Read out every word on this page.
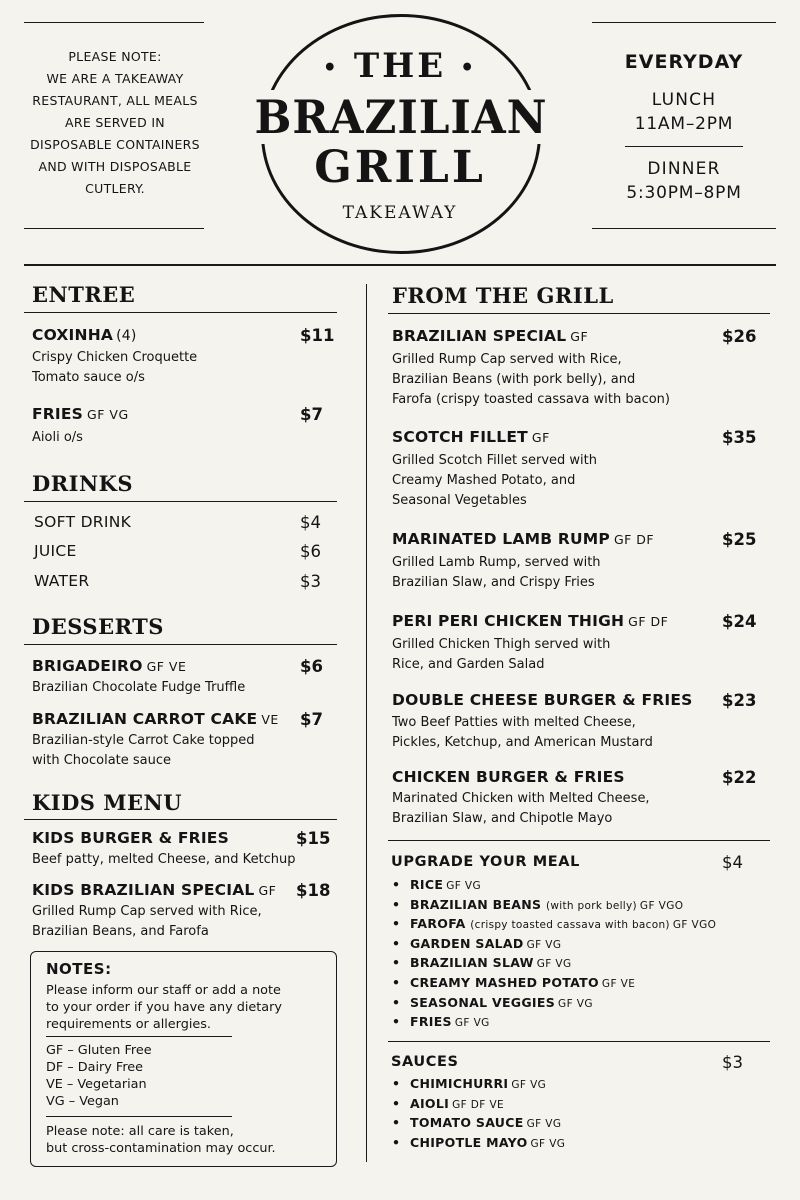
PLEASE NOTE:
WE ARE A TAKEAWAY
RESTAURANT, ALL MEALS
ARE SERVED IN
DISPOSABLE CONTAINERS
AND WITH DISPOSABLE
CUTLERY.
• THE •
BRAZILIAN
GRILL
TAKEAWAY
EVERYDAY
LUNCH
11AM–2PM
DINNER
5:30PM–8PM
ENTREE
COXINHA (4)	$11
Crispy Chicken Croquette
Tomato sauce o/s
FRIES GF VG	$7
Aioli o/s
DRINKS
SOFT DRINK	$4
JUICE	$6
WATER	$3
DESSERTS
BRIGADEIRO GF VE	$6
Brazilian Chocolate Fudge Truffle
BRAZILIAN CARROT CAKE VE $7
Brazilian-style Carrot Cake topped
with Chocolate sauce
KIDS MENU
KIDS BURGER & FRIES	$15
Beef patty, melted Cheese, and Ketchup
KIDS BRAZILIAN SPECIAL GF $18
Grilled Rump Cap served with Rice,
Brazilian Beans, and Farofa
NOTES:
Please inform our staff or add a note
to your order if you have any dietary
requirements or allergies.
GF – Gluten Free
DF – Dairy Free
VE – Vegetarian
VG – Vegan
Please note: all care is taken,
but cross-contamination may occur.
FROM THE GRILL
BRAZILIAN SPECIAL GF	$26
Grilled Rump Cap served with Rice,
Brazilian Beans (with pork belly), and
Farofa (crispy toasted cassava with bacon)
SCOTCH FILLET GF	$35
Grilled Scotch Fillet served with
Creamy Mashed Potato, and
Seasonal Vegetables
MARINATED LAMB RUMP GF DF	$25
Grilled Lamb Rump, served with
Brazilian Slaw, and Crispy Fries
PERI PERI CHICKEN THIGH GF DF	$24
Grilled Chicken Thigh served with
Rice, and Garden Salad
DOUBLE CHEESE BURGER & FRIES $23
Two Beef Patties with melted Cheese,
Pickles, Ketchup, and American Mustard
CHICKEN BURGER & FRIES	$22
Marinated Chicken with Melted Cheese,
Brazilian Slaw, and Chipotle Mayo
UPGRADE YOUR MEAL	$4
• RICE GF VG
• BRAZILIAN BEANS (with pork belly) GF VGO
• FAROFA (crispy toasted cassava with bacon) GF VGO
• GARDEN SALAD GF VG
• BRAZILIAN SLAW GF VG
• CREAMY MASHED POTATO GF VE
• SEASONAL VEGGIES GF VG
• FRIES GF VG
SAUCES	$3
• CHIMICHURRI GF VG
• AIOLI GF DF VE
• TOMATO SAUCE GF VG
• CHIPOTLE MAYO GF VG
